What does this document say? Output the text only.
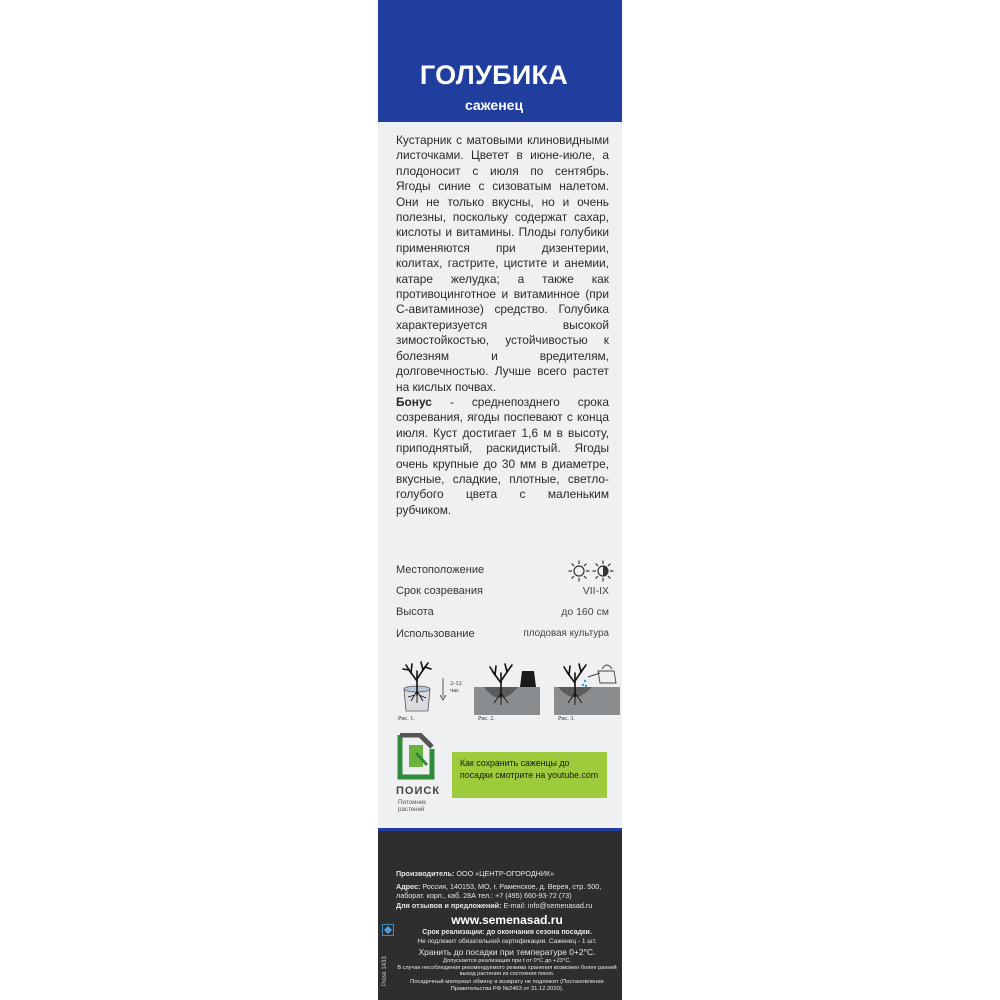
ГОЛУБИКА
саженец

Кустарник с матовыми клиновидными листочками. Цветет в июне-июле, а плодоносит с июля по сентябрь. Ягоды синие с сизоватым налетом. Они не только вкусны, но и очень полезны, поскольку содержат сахар, кислоты и витамины. Плоды голубики применяются при дизентерии, колитах, гастрите, цистите и анемии, катаре желудка; а также как противоцинготное и витаминное (при С-авитаминозе) средство. Голубика характеризуется высокой зимостойкостью, устойчивостью к болезням и вредителям, долговечностью. Лучше всего растет на кислых почвах.

Бонус - среднепозднего срока созревания, ягоды поспевают с конца июля. Куст достигает 1,6 м в высоту, приподнятый, раскидистый. Ягоды очень крупные до 30 мм в диаметре, вкусные, сладкие, плотные, светло-голубого цвета с маленьким рубчиком.

Местоположение
Срок созревания	VII-IX
Высота	до 160 см
Использование	плодовая культура
2-12
час
Рис. 1.	Рис. 2.	Рис. 3.
ПОИСК
Питомник
растений
Как сохранить саженцы до посадки смотрите на youtube.com
Производитель: ООО «ЦЕНТР-ОГОРОДНИК»
Адрес: Россия, 140153, МО, г. Раменское, д. Верея, стр. 500, лаборат. корп., каб. 28А тел.: +7 (495) 660-93-72 (73)
Для отзывов и предложений: E-mail: info@semenasad.ru
www.semenasad.ru
Срок реализации: до окончания сезона посадки.
Не подлежит обязательной сертификации. Саженец - 1 шт.
Хранить до посадки при температуре 0+2°С.
Допускается реализация при t от 0°С до +23°С.
В случае несоблюдения рекомендуемого режима хранения возможен более ранний выход растения из состояния покоя.
Посадочный материал обмену и возврату не подлежит (Постановление Правительства РФ №2463 от 31.12.2020).
Poisk 1433
